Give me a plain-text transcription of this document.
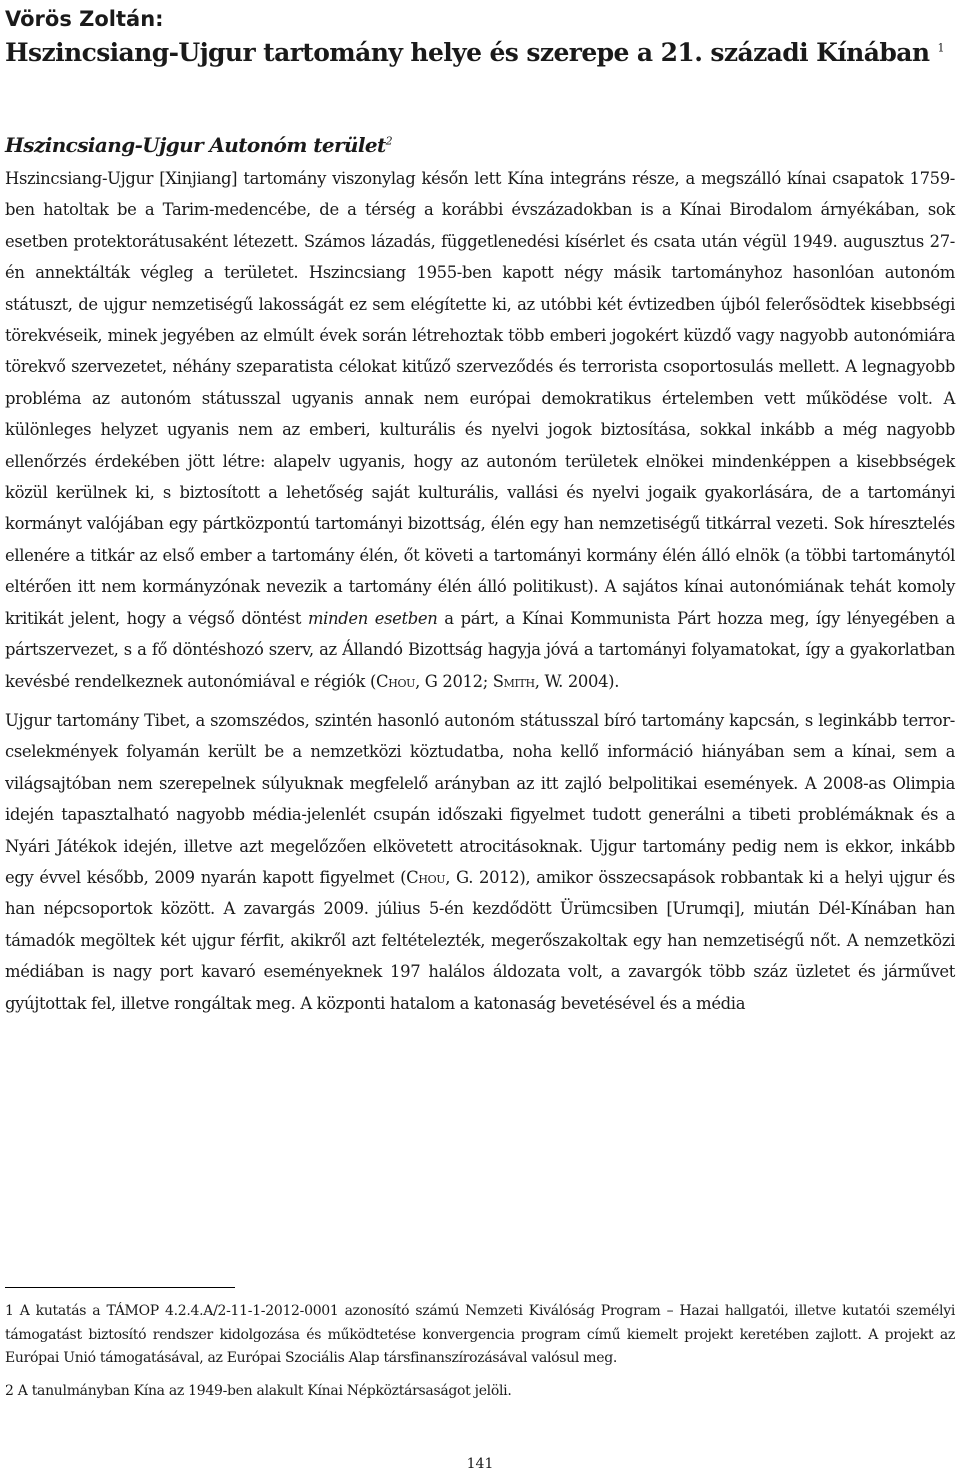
Vörös Zoltán:
Hszincsiang-Ujgur tartomány helye és szerepe a 21. századi Kínában $^1$
Hszincsiang-Ujgur Autonóm terület$^2$

Hszincsiang-Ujgur [Xinjiang] tartomány viszonylag későn lett Kína integráns része, a megszálló kínai csapatok 1759-ben hatoltak be a Tarim-medencébe, de a térség a korábbi évszázadokban is a Kínai Birodalom árnyékában, sok esetben protektorátusaként létezett. Számos lázadás, függetlenedési kísérlet és csata után végül 1949. augusztus 27-én annektálták végleg a területet. Hszincsiang 1955-ben kapott négy másik tartományhoz hasonlóan autonóm státuszt, de ujgur nemzetiségű lakosságát ez sem elégítette ki, az utóbbi két évtizedben újból felerősödtek kisebbségi törekvéseik, minek jegyében az elmúlt évek során létrehoztak több emberi jogokért küzdő vagy nagyobb autonómiára törekvő szervezetet, néhány szeparatista célokat kitűző szerveződés és terrorista csoportosulás mellett. A legnagyobb probléma az autonóm státusszal ugyanis annak nem európai demokratikus értelemben vett működése volt. A különleges helyzet ugyanis nem az emberi, kulturális és nyelvi jogok biztosítása, sokkal inkább a még nagyobb ellenőrzés érdekében jött létre: alapelv ugyanis, hogy az autonóm területek elnökei mindenképpen a kisebbségek közül kerülnek ki, s biztosított a lehetőség saját kulturális, vallási és nyelvi jogaik gyakorlására, de a tartományi kormányt valójában egy pártközpontú tartományi bizottság, élén egy han nemzetiségű titkárral vezeti. Sok híresztelés ellenére a titkár az első ember a tartomány élén, őt követi a tartományi kormány élén álló elnök (a többi tartománytól eltérően itt nem kormányzónak nevezik a tartomány élén álló politikust). A sajátos kínai autonómiának tehát komoly kritikát jelent, hogy a végső döntést minden esetben a párt, a Kínai Kommunista Párt hozza meg, így lényegében a pártszervezet, s a fő döntéshozó szerv, az Állandó Bizottság hagyja jóvá a tartományi folyamatokat, így a gyakorlatban kevésbé rendelkeznek autonómiával e régiók (Chou, G 2012; Smith, W. 2004).

Ujgur tartomány Tibet, a szomszédos, szintén hasonló autonóm státusszal bíró tartomány kapcsán, s leginkább terror-cselekmények folyamán került be a nemzetközi köztudatba, noha kellő információ hiányában sem a kínai, sem a világsajtóban nem szerepelnek súlyuknak megfelelő arányban az itt zajló belpolitikai események. A 2008-as Olimpia idején tapasztalható nagyobb média-jelenlét csupán időszaki figyelmet tudott generálni a tibeti problémáknak és a Nyári Játékok idején, illetve azt megelőzően elkövetett atrocitásoknak. Ujgur tartomány pedig nem is ekkor, inkább egy évvel később, 2009 nyarán kapott figyelmet (Chou, G. 2012), amikor összecsapások robbantak ki a helyi ujgur és han népcsoportok között. A zavargás 2009. július 5-én kezdődött Ürümcsiben [Urumqi], miután Dél-Kínában han támadók megöltek két ujgur férfit, akikről azt feltételezték, megerőszakoltak egy han nemzetiségű nőt. A nemzetközi médiában is nagy port kavaró eseményeknek 197 halálos áldozata volt, a zavargók több száz üzletet és járművet gyújtottak fel, illetve rongáltak meg. A központi hatalom a katonaság bevetésével és a média

1 A kutatás a TÁMOP 4.2.4.A/2-11-1-2012-0001 azonosító számú Nemzeti Kiválóság Program – Hazai hallgatói, illetve kutatói személyi támogatást biztosító rendszer kidolgozása és működtetése konvergencia program című kiemelt projekt keretében zajlott. A projekt az Európai Unió támogatásával, az Európai Szociális Alap társfinanszírozásával valósul meg.

2 A tanulmányban Kína az 1949-ben alakult Kínai Népköztársaságot jelöli.

141
